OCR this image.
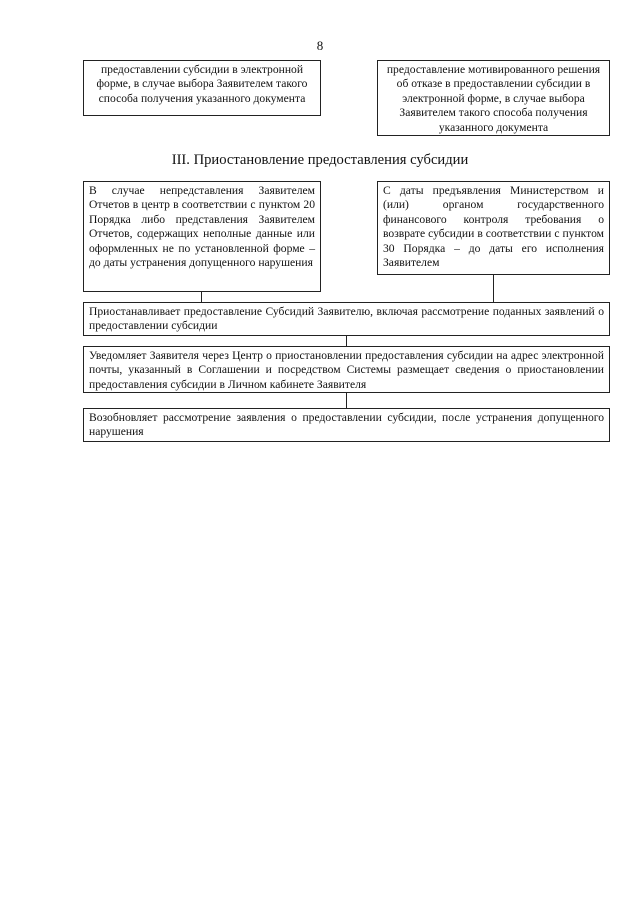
8
предоставлении субсидии в электронной форме, в случае выбора Заявителем такого способа получения указанного документа
предоставление мотивированного решения об отказе в предоставлении субсидии в электронной форме, в случае выбора Заявителем такого способа получения указанного документа
III. Приостановление предоставления субсидии
В случае непредставления Заявителем Отчетов в центр в соответствии с пунктом 20 Порядка либо представления Заявителем Отчетов, содержащих неполные данные или оформленных не по установленной форме – до даты устранения допущенного нарушения
С даты предъявления Министерством и (или) органом государственного финансового контроля требования о возврате субсидии в соответствии с пунктом 30 Порядка – до даты его исполнения Заявителем
Приостанавливает предоставление Субсидий Заявителю, включая рассмотрение поданных заявлений о предоставлении субсидии
Уведомляет Заявителя через Центр о приостановлении предоставления субсидии на адрес электронной почты, указанный в Соглашении и посредством Системы размещает сведения о приостановлении предоставления субсидии в Личном кабинете Заявителя
Возобновляет рассмотрение заявления о предоставлении субсидии, после устранения допущенного нарушения
